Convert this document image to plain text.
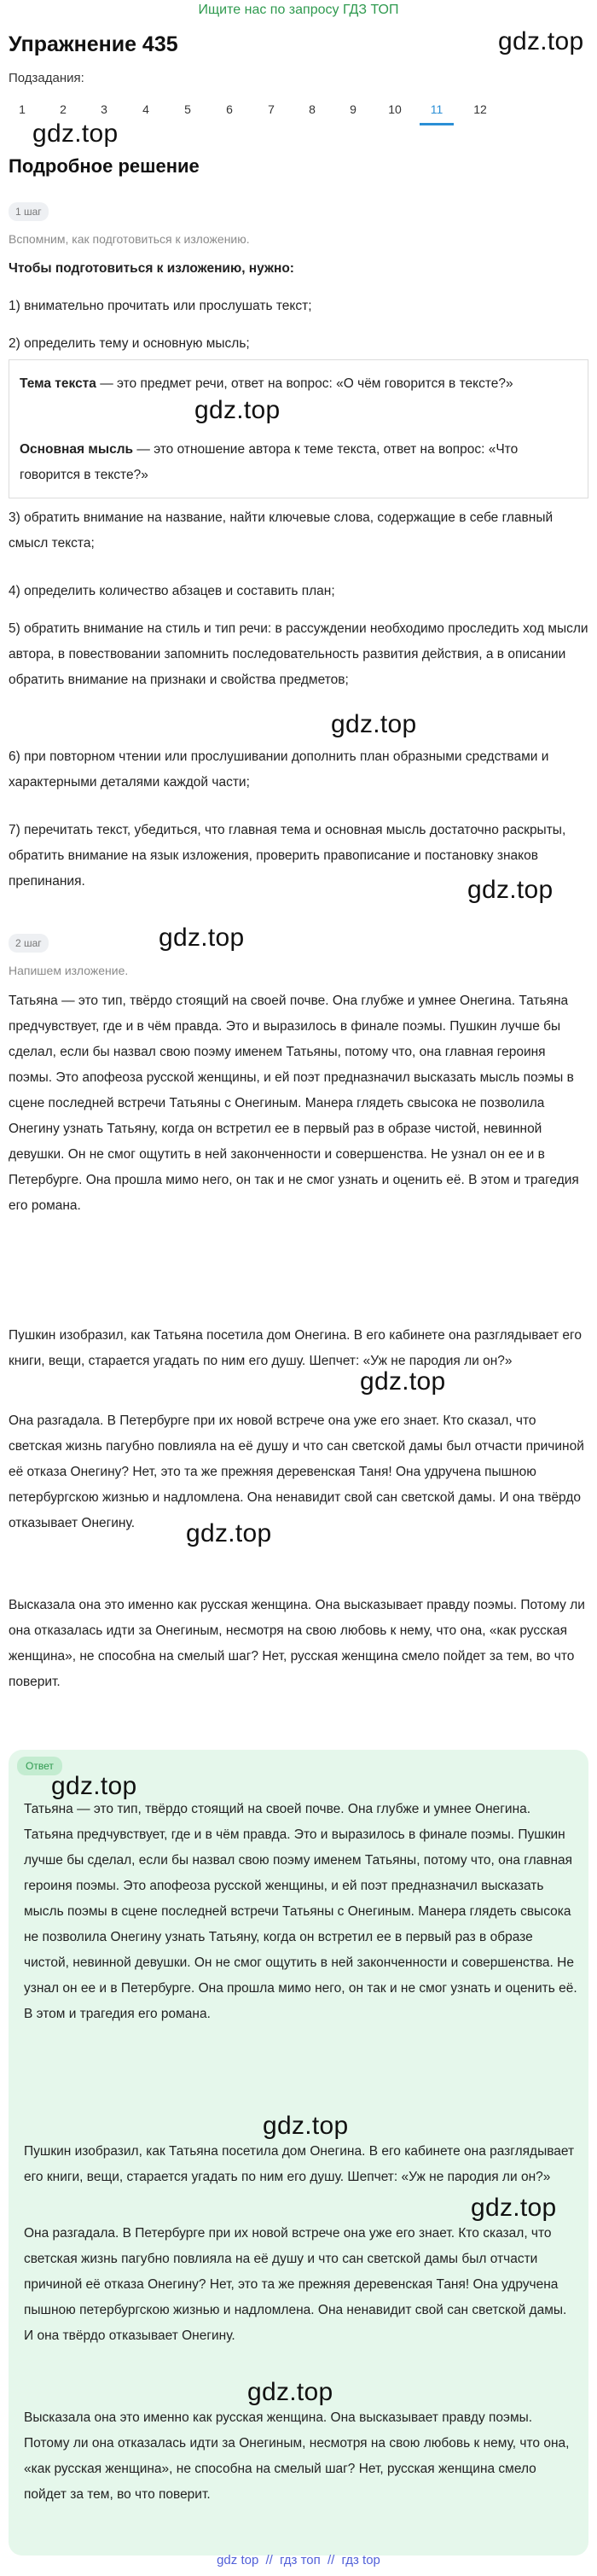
Ищите нас по запросу ГДЗ ТОП
Упражнение 435	gdz.top
Подзадания:
1	2	3	4	5	6	7	8	9	10	11	12
gdz.top
Подробное решение
1 шаг
Вспомним, как подготовиться к изложению.
Чтобы подготовиться к изложению, нужно:
1) внимательно прочитать или прослушать текст;
2) определить тему и основную мысль;
Тема текста — это предмет речи, ответ на вопрос: «О чём говорится в тексте?»
Основная мысль — это отношение автора к теме текста, ответ на вопрос: «Что говорится в тексте?»
gdz.top
3) обратить внимание на название, найти ключевые слова, содержащие в себе главный смысл текста;
4) определить количество абзацев и составить план;
5) обратить внимание на стиль и тип речи: в рассуждении необходимо проследить ход мысли автора, в повествовании запомнить последовательность развития действия, а в описании обратить внимание на признаки и свойства предметов;
gdz.top
6) при повторном чтении или прослушивании дополнить план образными средствами и характерными деталями каждой части;
7) перечитать текст, убедиться, что главная тема и основная мысль достаточно раскрыты, обратить внимание на язык изложения, проверить правописание и постановку знаков препинания.	gdz.top
2 шаг	gdz.top
Напишем изложение.
Татьяна — это тип, твёрдо стоящий на своей почве. Она глубже и умнее Онегина. Татьяна предчувствует, где и в чём правда. Это и выразилось в финале поэмы. Пушкин лучше бы сделал, если бы назвал свою поэму именем Татьяны, потому что, она главная героиня поэмы. Это апофеоза русской женщины, и ей поэт предназначил высказать мысль поэмы в сцене последней встречи Татьяны с Онегиным. Манера глядеть свысока не позволила Онегину узнать Татьяну, когда он встретил ее в первый раз в образе чистой, невинной девушки. Он не смог ощутить в ней законченности и совершенства. Не узнал он ее и в Петербурге. Она прошла мимо него, он так и не смог узнать и оценить её. В этом и трагедия его романа.
Пушкин изобразил, как Татьяна посетила дом Онегина. В его кабинете она разглядывает его книги, вещи, старается угадать по ним его душу. Шепчет: «Уж не пародия ли он?»
gdz.top
Она разгадала. В Петербурге при их новой встрече она уже его знает. Кто сказал, что светская жизнь пагубно повлияла на её душу и что сан светской дамы был отчасти причиной её отказа Онегину? Нет, это та же прежняя деревенская Таня! Она удручена пышною петербургскою жизнью и надломлена. Она ненавидит свой сан светской дамы. И она твёрдо отказывает Онегину.	gdz.top
Высказала она это именно как русская женщина. Она высказывает правду поэмы. Потому ли она отказалась идти за Онегиным, несмотря на свою любовь к нему, что она, «как русская женщина», не способна на смелый шаг? Нет, русская женщина смело пойдет за тем, во что поверит.
Ответ
Татьяна — это тип, твёрдо стоящий на своей почве. Она глубже и умнее Онегина. Татьяна предчувствует, где и в чём правда. Это и выразилось в финале поэмы. Пушкин лучше бы сделал, если бы назвал свою поэму именем Татьяны, потому что, она главная героиня поэмы. Это апофеоза русской женщины, и ей поэт предназначил высказать мысль поэмы в сцене последней встречи Татьяны с Онегиным. Манера глядеть свысока не позволила Онегину узнать Татьяну, когда он встретил ее в первый раз в образе чистой, невинной девушки. Он не смог ощутить в ней законченности и совершенства. Не узнал он ее и в Петербурге. Она прошла мимо него, он так и не смог узнать и оценить её. В этом и трагедия его романа.
Пушкин изобразил, как Татьяна посетила дом Онегина. В его кабинете она разглядывает его книги, вещи, старается угадать по ним его душу. Шепчет: «Уж не пародия ли он?»
Она разгадала. В Петербурге при их новой встрече она уже его знает. Кто сказал, что светская жизнь пагубно повлияла на её душу и что сан светской дамы был отчасти причиной её отказа Онегину? Нет, это та же прежняя деревенская Таня! Она удручена пышною петербургскою жизнью и надломлена. Она ненавидит свой сан светской дамы. И она твёрдо отказывает Онегину.
Высказала она это именно как русская женщина. Она высказывает правду поэмы. Потому ли она отказалась идти за Онегиным, несмотря на свою любовь к нему, что она, «как русская женщина», не способна на смелый шаг? Нет, русская женщина смело пойдет за тем, во что поверит.
gdz.top
gdz.top
gdz.top
gdz.top
gdz top // гдз топ // гдз top
